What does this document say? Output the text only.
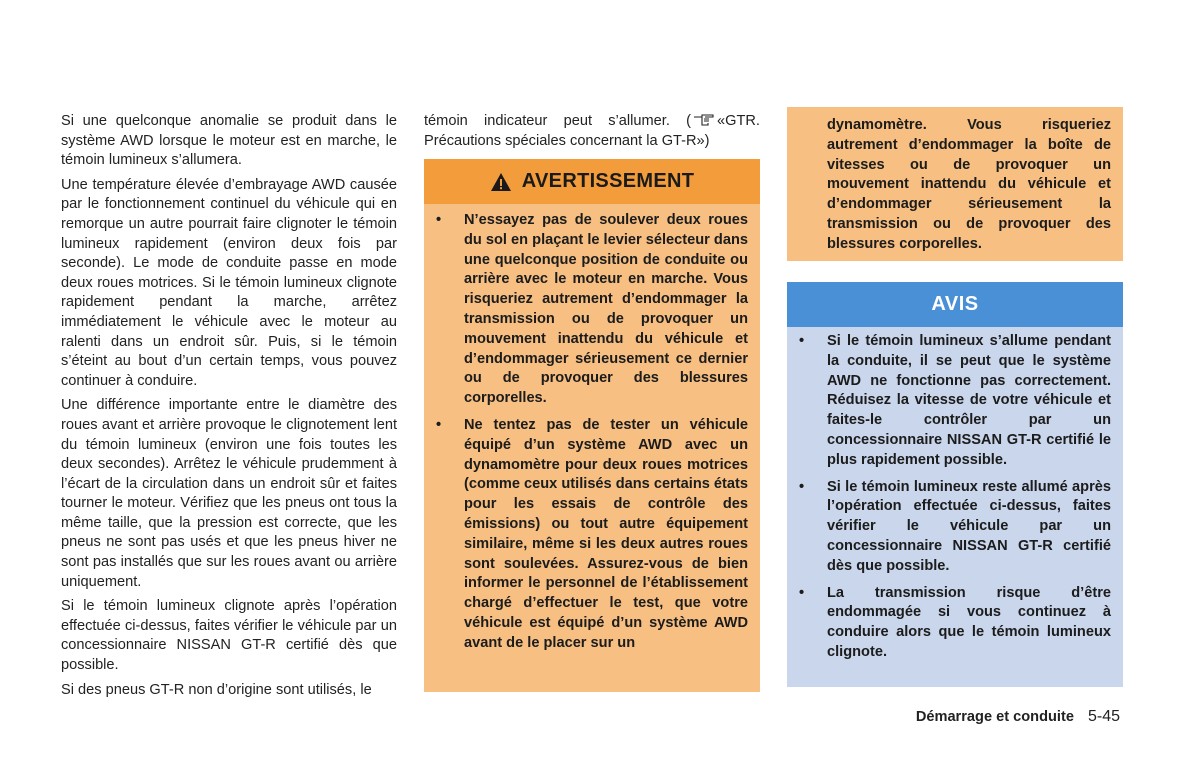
Si une quelconque anomalie se produit dans le système AWD lorsque le moteur est en marche, le témoin lumineux s’allumera.

Une température élevée d’embrayage AWD causée par le fonctionnement continuel du véhicule qui en remorque un autre pourrait faire clignoter le témoin lumineux rapidement (environ deux fois par seconde). Le mode de conduite passe en mode deux roues motrices. Si le témoin lumineux clignote rapidement pendant la marche, arrêtez immédiatement le véhicule avec le moteur au ralenti dans un endroit sûr. Puis, si le témoin s’éteint au bout d’un certain temps, vous pouvez continuer à conduire.

Une différence importante entre le diamètre des roues avant et arrière provoque le clignotement lent du témoin lumineux (environ une fois toutes les deux secondes). Arrêtez le véhicule prudemment à l’écart de la circulation dans un endroit sûr et faites tourner le moteur. Vérifiez que les pneus ont tous la même taille, que la pression est correcte, que les pneus ne sont pas usés et que les pneus hiver ne sont pas installés que sur les roues avant ou arrière uniquement.

Si le témoin lumineux clignote après l’opération effectuée ci-dessus, faites vérifier le véhicule par un concessionnaire NISSAN GT-R certifié dès que possible.

Si des pneus GT-R non d’origine sont utilisés, le

témoin indicateur peut s’allumer. ( «GTR. Précautions spéciales concernant la GT-R»)

AVERTISSEMENT
• N’essayez pas de soulever deux roues du sol en plaçant le levier sélecteur dans une quelconque position de conduite ou arrière avec le moteur en marche. Vous risqueriez autrement d’endommager la transmission ou de provoquer un mouvement inattendu du véhicule et d’endommager sérieusement ce dernier ou de provoquer des blessures corporelles.
• Ne tentez pas de tester un véhicule équipé d’un système AWD avec un dynamomètre pour deux roues motrices (comme ceux utilisés dans certains états pour les essais de contrôle des émissions) ou tout autre équipement similaire, même si les deux autres roues sont soulevées. Assurez-vous de bien informer le personnel de l’établissement chargé d’effectuer le test, que votre véhicule est équipé d’un système AWD avant de le placer sur un

dynamomètre. Vous risqueriez autrement d’endommager la boîte de vitesses ou de provoquer un mouvement inattendu du véhicule et d’endommager sérieusement la transmission ou de provoquer des blessures corporelles.

AVIS
• Si le témoin lumineux s’allume pendant la conduite, il se peut que le système AWD ne fonctionne pas correctement. Réduisez la vitesse de votre véhicule et faites-le contrôler par un concessionnaire NISSAN GT-R certifié le plus rapidement possible.
• Si le témoin lumineux reste allumé après l’opération effectuée ci-dessus, faites vérifier le véhicule par un concessionnaire NISSAN GT-R certifié dès que possible.
• La transmission risque d’être endommagée si vous continuez à conduire alors que le témoin lumineux clignote.
Démarrage et conduite 5-45
